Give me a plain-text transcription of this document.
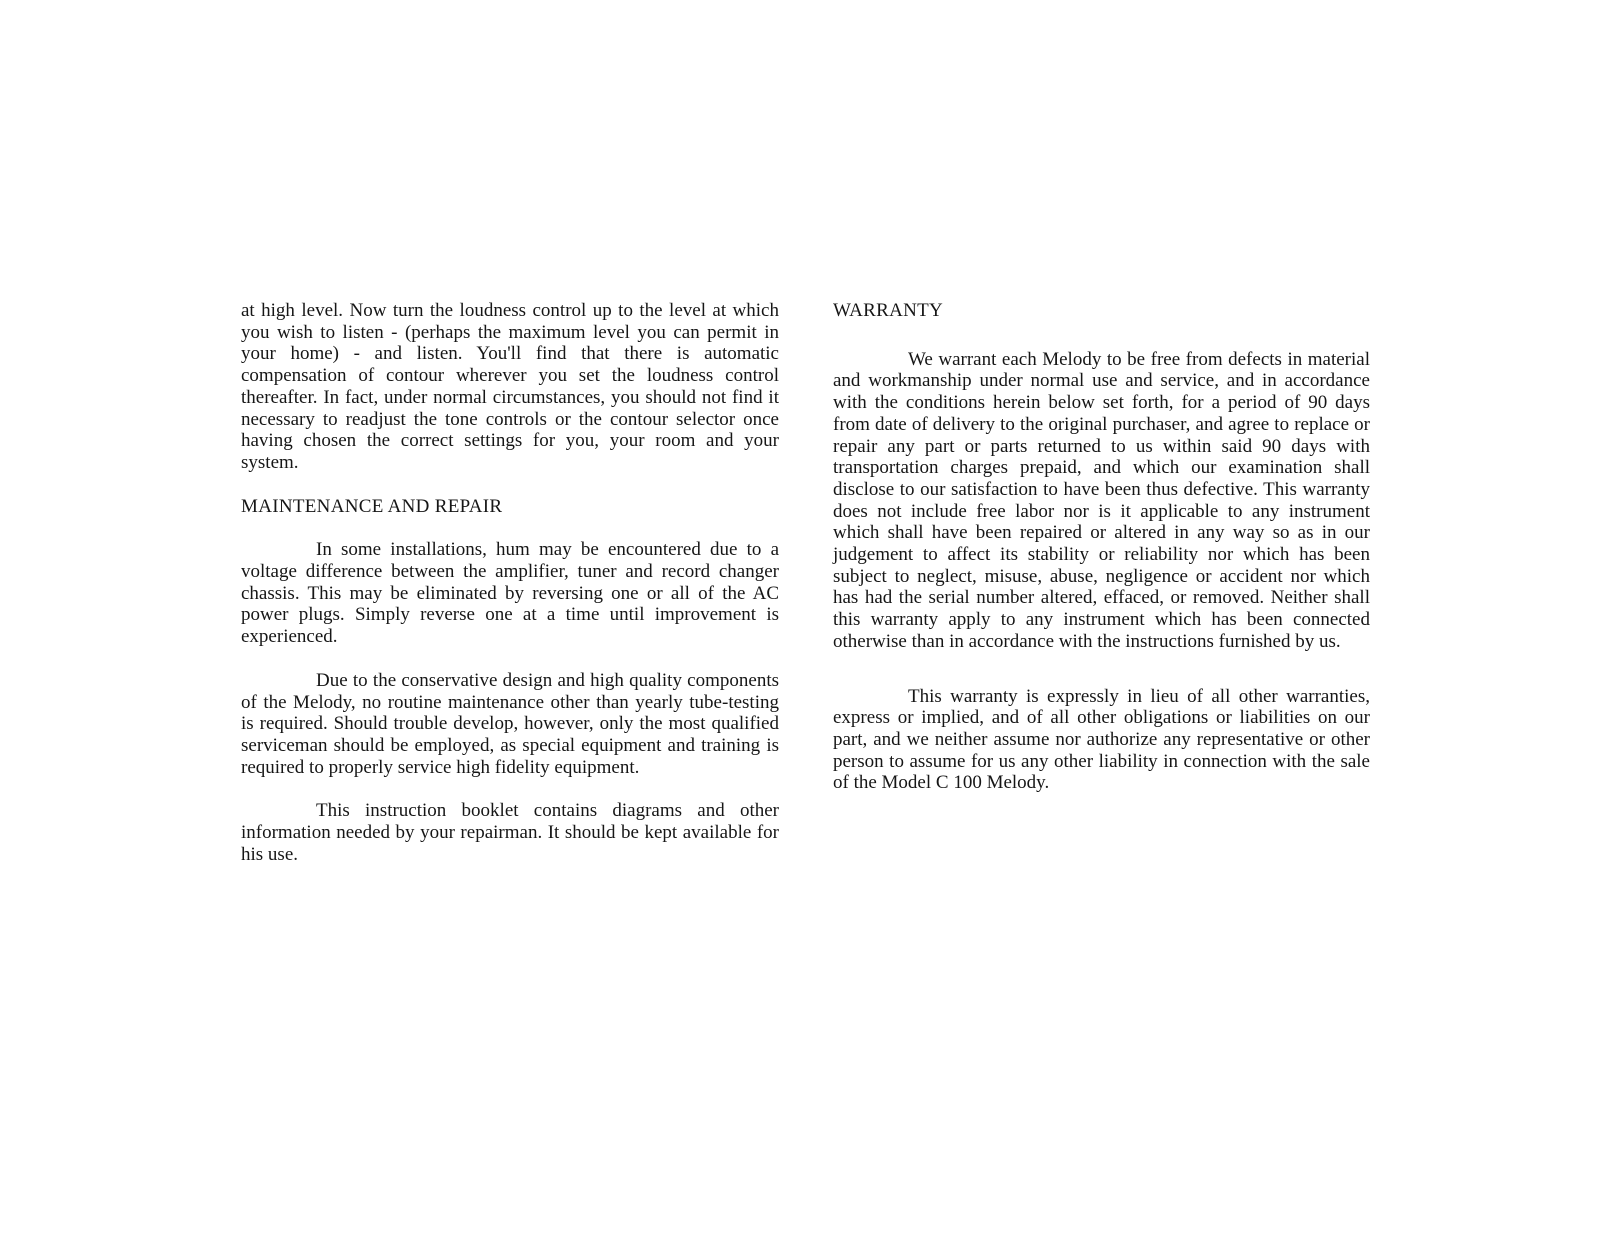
at high level. Now turn the loudness control up to the level at which you wish to listen - (perhaps the maximum level you can permit in your home) - and listen. You'll find that there is automatic compensation of contour wherever you set the loudness control thereafter. In fact, under normal circumstances, you should not find it necessary to readjust the tone controls or the contour selector once having chosen the correct settings for you, your room and your system.

MAINTENANCE AND REPAIR

In some installations, hum may be encountered due to a voltage difference between the amplifier, tuner and record changer chassis. This may be eliminated by reversing one or all of the AC power plugs. Simply reverse one at a time until improvement is experienced.

Due to the conservative design and high quality components of the Melody, no routine maintenance other than yearly tube-testing is required. Should trouble develop, however, only the most qualified serviceman should be employed, as special equipment and training is required to properly service high fidelity equipment.

This instruction booklet contains diagrams and other information needed by your repairman. It should be kept available for his use.

WARRANTY

We warrant each Melody to be free from defects in material and workmanship under normal use and service, and in accordance with the conditions herein below set forth, for a period of 90 days from date of delivery to the original purchaser, and agree to replace or repair any part or parts returned to us within said 90 days with transportation charges prepaid, and which our examination shall disclose to our satisfaction to have been thus defective. This warranty does not include free labor nor is it applicable to any instrument which shall have been repaired or altered in any way so as in our judgement to affect its stability or reliability nor which has been subject to neglect, misuse, abuse, negligence or accident nor which has had the serial number altered, effaced, or removed. Neither shall this warranty apply to any instrument which has been connected otherwise than in accordance with the instructions furnished by us.

This warranty is expressly in lieu of all other warranties, express or implied, and of all other obligations or liabilities on our part, and we neither assume nor authorize any representative or other person to assume for us any other liability in connection with the sale of the Model C 100 Melody.
